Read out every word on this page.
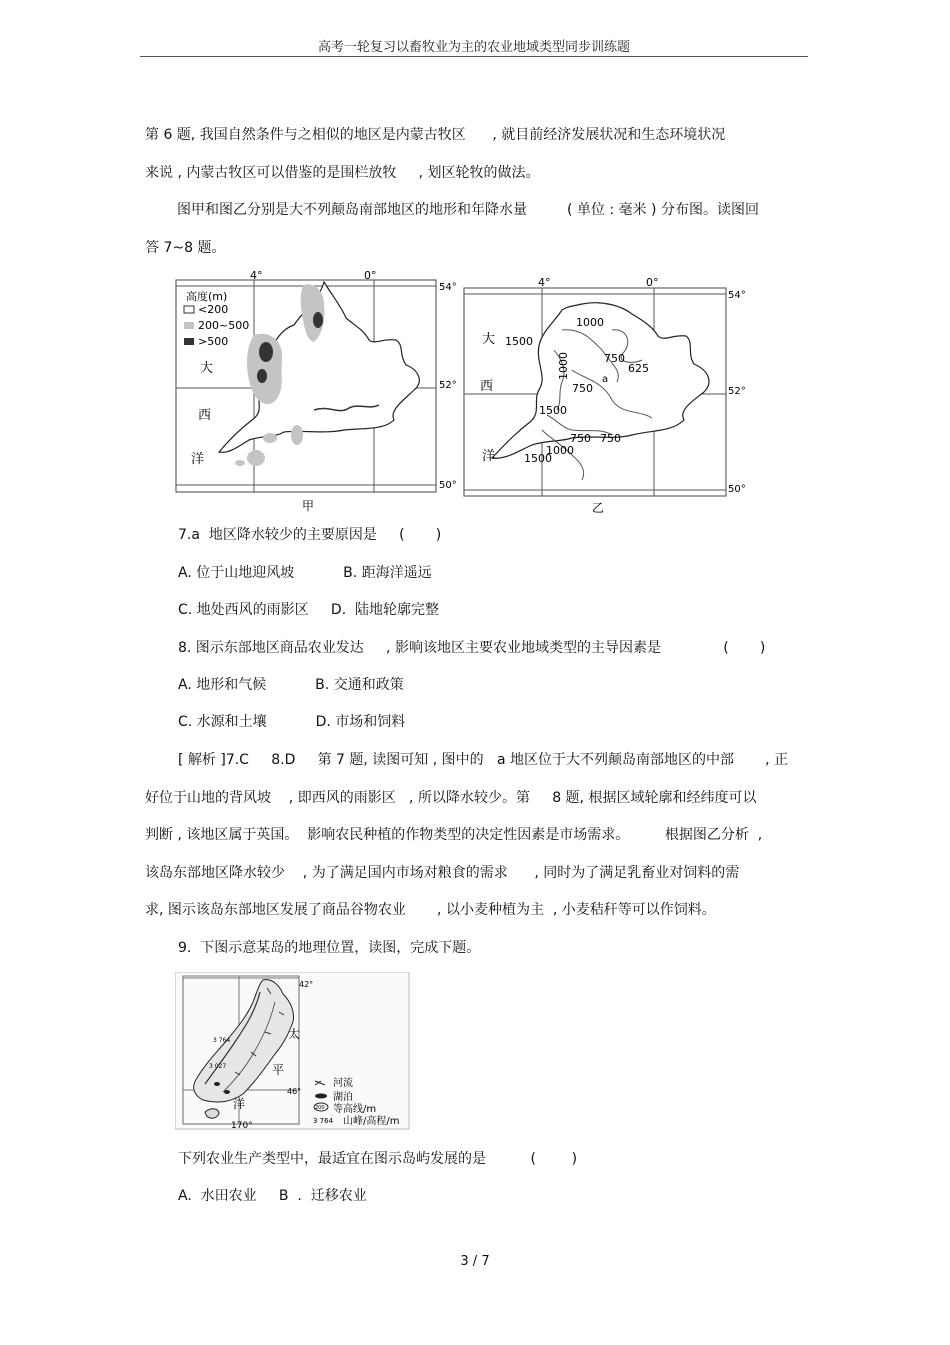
高考一轮复习以畜牧业为主的农业地域类型同步训练题
第 6 题, 我国自然条件与之相似的地区是内蒙古牧区      , 就目前经济发展状况和生态环境状况
来说 , 内蒙古牧区可以借鉴的是围栏放牧     , 划区轮牧的做法。
图甲和图乙分别是大不列颠岛南部地区的地形和年降水量         ( 单位 : 毫米 ) 分布图。读图回
答 7~8 题。
高度(m)
<200
200~500
>500
4°	0°
54°
52°
50°
大
西
洋
甲
4°	0°
54°
52°
50°
大
西
洋
1000
1500
750
625
1000	a
750
1500
750 750
1000
1500
乙
7.a  地区降水较少的主要原因是     (       )
A. 位于山地迎风坡           B. 距海洋遥远
C. 地处西风的雨影区     D.  陆地轮廓完整
8. 图示东部地区商品农业发达     , 影响该地区主要农业地域类型的主导因素是              (       )
A. 地形和气候           B. 交通和政策
C. 水源和土壤           D. 市场和饲料
[ 解析 ]7.C     8.D     第 7 题, 读图可知 , 图中的   a 地区位于大不列颠岛南部地区的中部       , 正
好位于山地的背风坡    , 即西风的雨影区   , 所以降水较少。第     8 题, 根据区域轮廓和经纬度可以
判断 , 该地区属于英国。  影响农民种植的作物类型的决定性因素是市场需求。        根据图乙分析  ,
该岛东部地区降水较少    , 为了满足国内市场对粮食的需求      , 同时为了满足乳畜业对饲料的需
求, 图示该岛东部地区发展了商品谷物农业       , 以小麦种植为主  , 小麦秸秆等可以作饲料。
9.  下图示意某岛的地理位置，读图，完成下题。
3 764
3 027
42°
46°
170°
太
平
洋
河流
湖泊
200 等高线/m
3 764 山峰/高程/m
下列农业生产类型中，最适宜在图示岛屿发展的是          (        )
A.  水田农业     B  .  迁移农业
3 / 7
